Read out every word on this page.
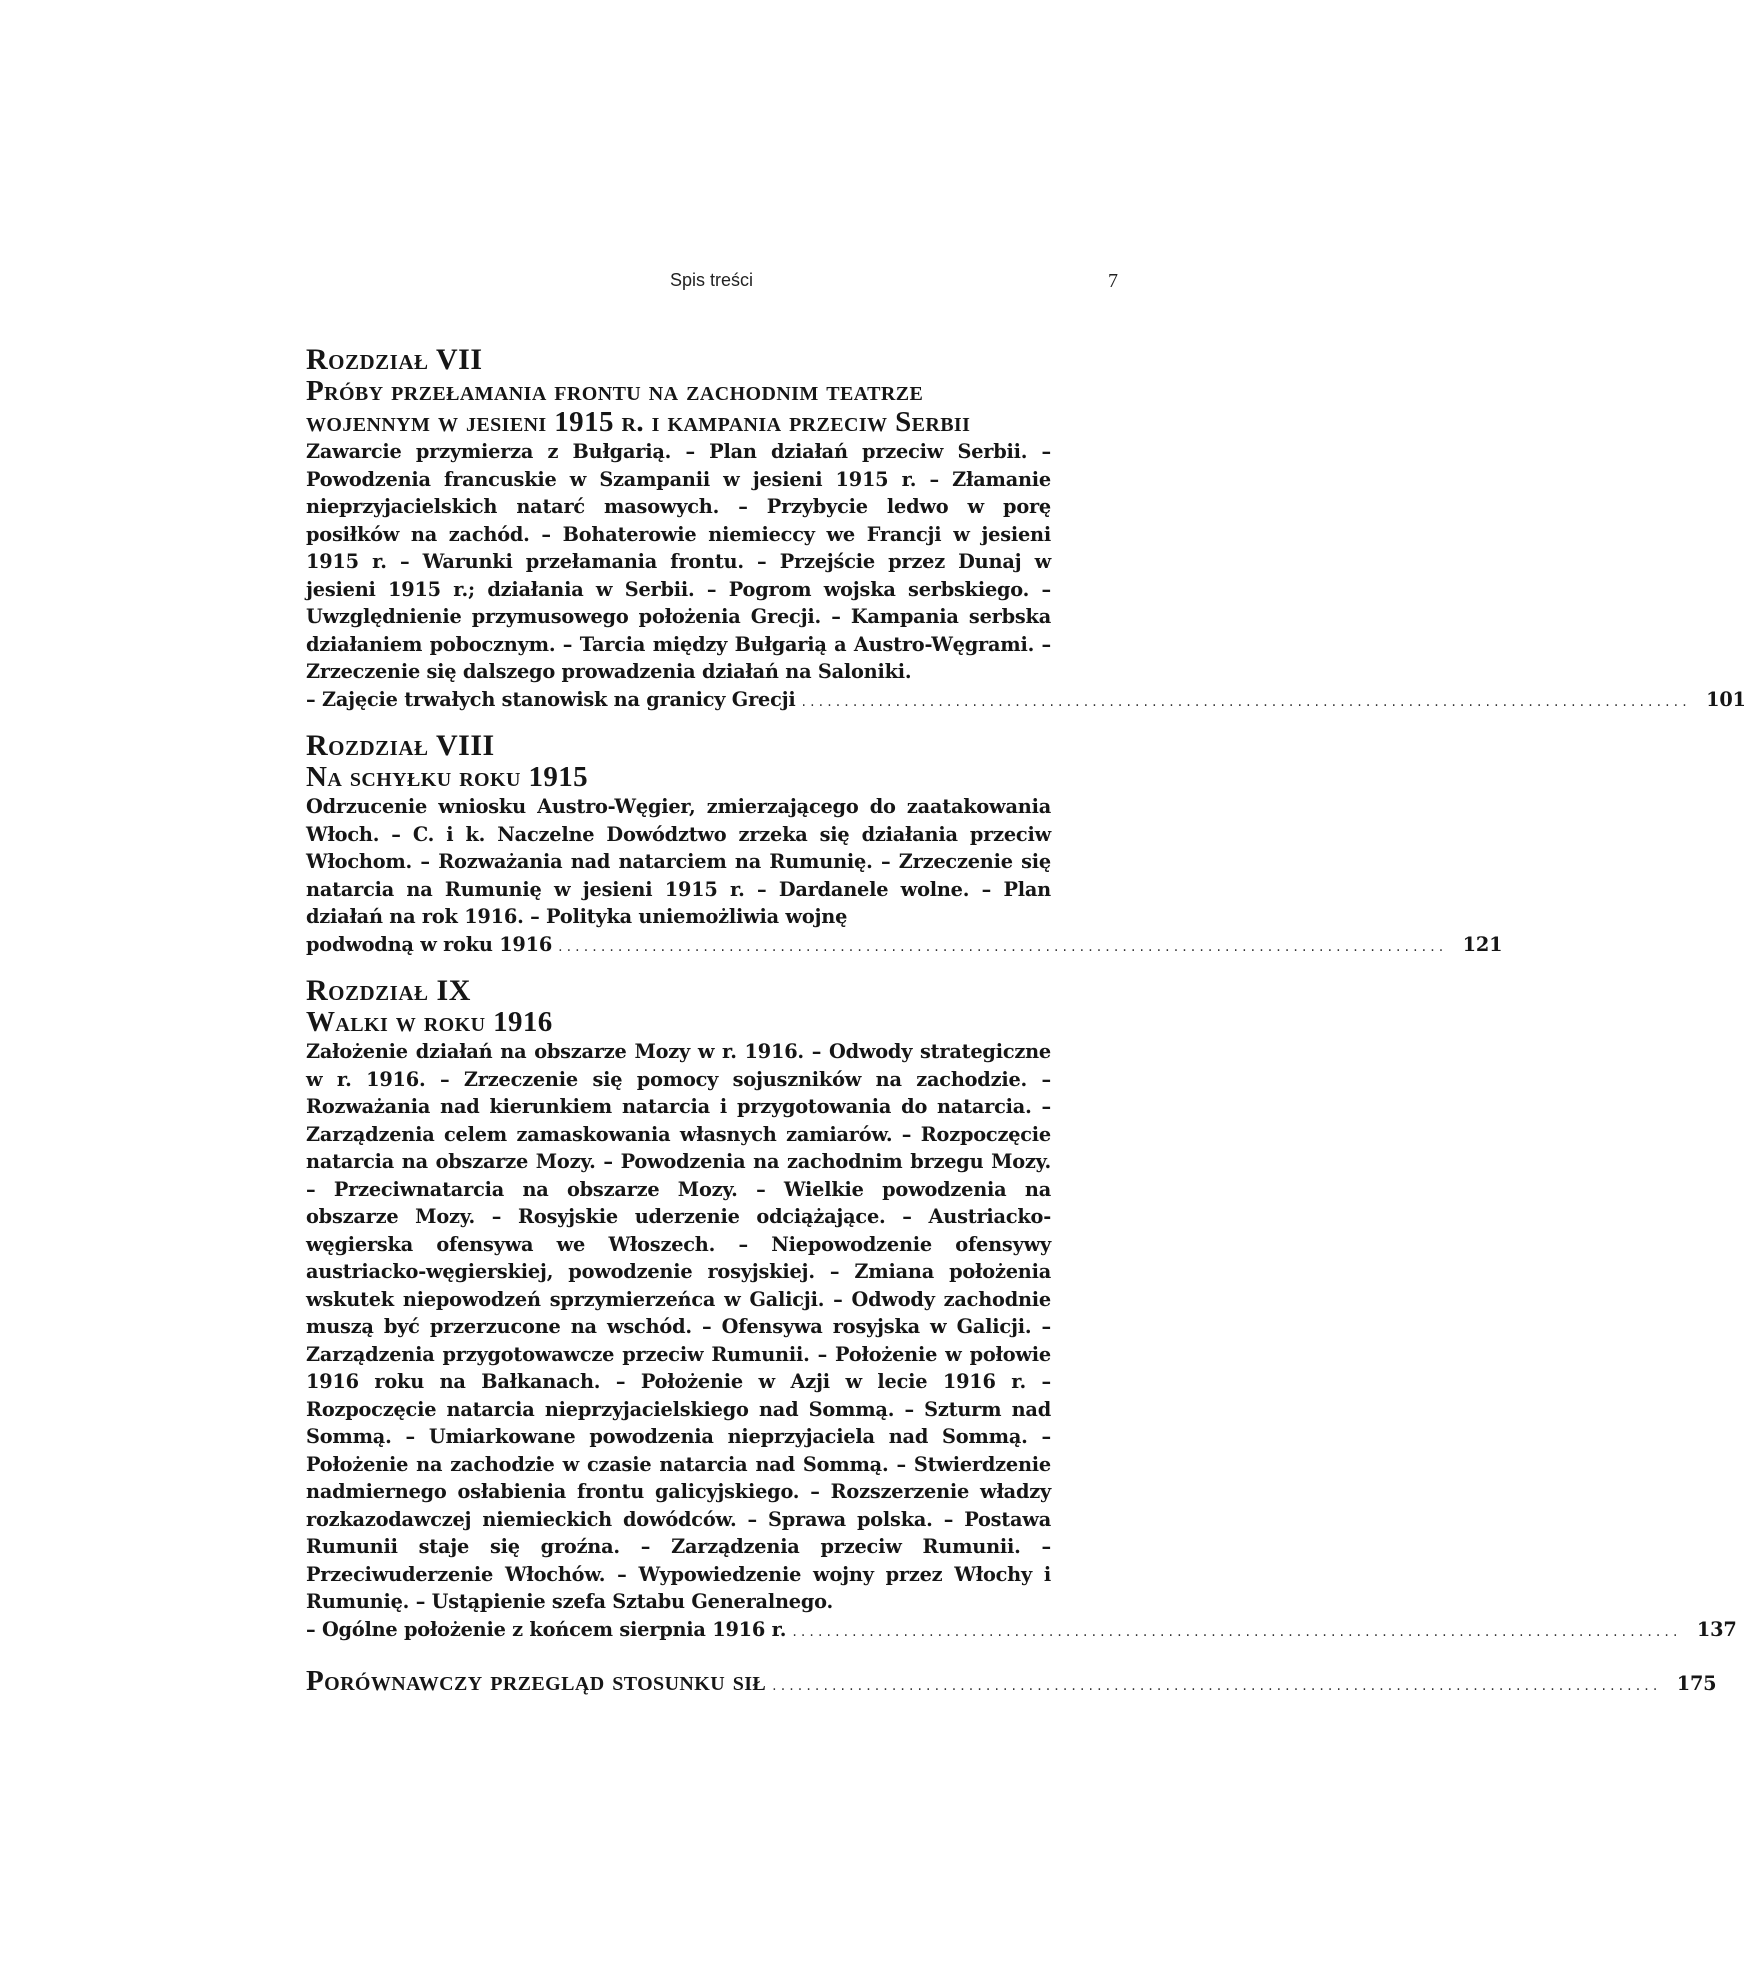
Spis treści	7
Rozdział VII
Próby przełamania frontu na zachodnim teatrze wojennym w jesieni 1915 r. i kampania przeciw Serbii
Zawarcie przymierza z Bułgarią. – Plan działań przeciw Serbii. – Powodzenia francuskie w Szampanii w jesieni 1915 r. – Złamanie nieprzyjacielskich natarć masowych. – Przybycie ledwo w porę posiłków na zachód. – Bohaterowie niemieccy we Francji w jesieni 1915 r. – Warunki przełamania frontu. – Przejście przez Dunaj w jesieni 1915 r.; działania w Serbii. – Pogrom wojska serbskiego. – Uwzględnienie przymusowego położenia Grecji. – Kampania serbska działaniem pobocznym. – Tarcia między Bułgarią a Austro-Węgrami. – Zrzeczenie się dalszego prowadzenia działań na Saloniki.
– Zajęcie trwałych stanowisk na granicy Grecji ........................................................................................................ 101
Rozdział VIII
Na schyłku roku 1915
Odrzucenie wniosku Austro-Węgier, zmierzającego do zaatakowania Włoch. – C. i k. Naczelne Dowództwo zrzeka się działania przeciw Włochom. – Rozważania nad natarciem na Rumunię. – Zrzeczenie się natarcia na Rumunię w jesieni 1915 r. – Dardanele wolne. – Plan działań na rok 1916. – Polityka uniemożliwia wojnę
podwodną w roku 1916 ........................................................................................................ 121
Rozdział IX
Walki w roku 1916
Założenie działań na obszarze Mozy w r. 1916. – Odwody strategiczne w r. 1916. – Zrzeczenie się pomocy sojuszników na zachodzie. – Rozważania nad kierunkiem natarcia i przygotowania do natarcia. – Zarządzenia celem zamaskowania własnych zamiarów. – Rozpoczęcie natarcia na obszarze Mozy. – Powodzenia na zachodnim brzegu Mozy. – Przeciwnatarcia na obszarze Mozy. – Wielkie powodzenia na obszarze Mozy. – Rosyjskie uderzenie odciążające. – Austriacko-węgierska ofensywa we Włoszech. – Niepowodzenie ofensywy austriacko-węgierskiej, powodzenie rosyjskiej. – Zmiana położenia wskutek niepowodzeń sprzymierzeńca w Galicji. – Odwody zachodnie muszą być przerzucone na wschód. – Ofensywa rosyjska w Galicji. – Zarządzenia przygotowawcze przeciw Rumunii. – Położenie w połowie 1916 roku na Bałkanach. – Położenie w Azji w lecie 1916 r. – Rozpoczęcie natarcia nieprzyjacielskiego nad Sommą. – Szturm nad Sommą. – Umiarkowane powodzenia nieprzyjaciela nad Sommą. – Położenie na zachodzie w czasie natarcia nad Sommą. – Stwierdzenie nadmiernego osłabienia frontu galicyjskiego. – Rozszerzenie władzy rozkazodawczej niemieckich dowódców. – Sprawa polska. – Postawa Rumunii staje się groźna. – Zarządzenia przeciw Rumunii. – Przeciwuderzenie Włochów. – Wypowiedzenie wojny przez Włochy i Rumunię. – Ustąpienie szefa Sztabu Generalnego.
– Ogólne położenie z końcem sierpnia 1916 r. ........................................................................................................ 137
Porównawczy przegląd stosunku sił ........................................................................................................ 175
